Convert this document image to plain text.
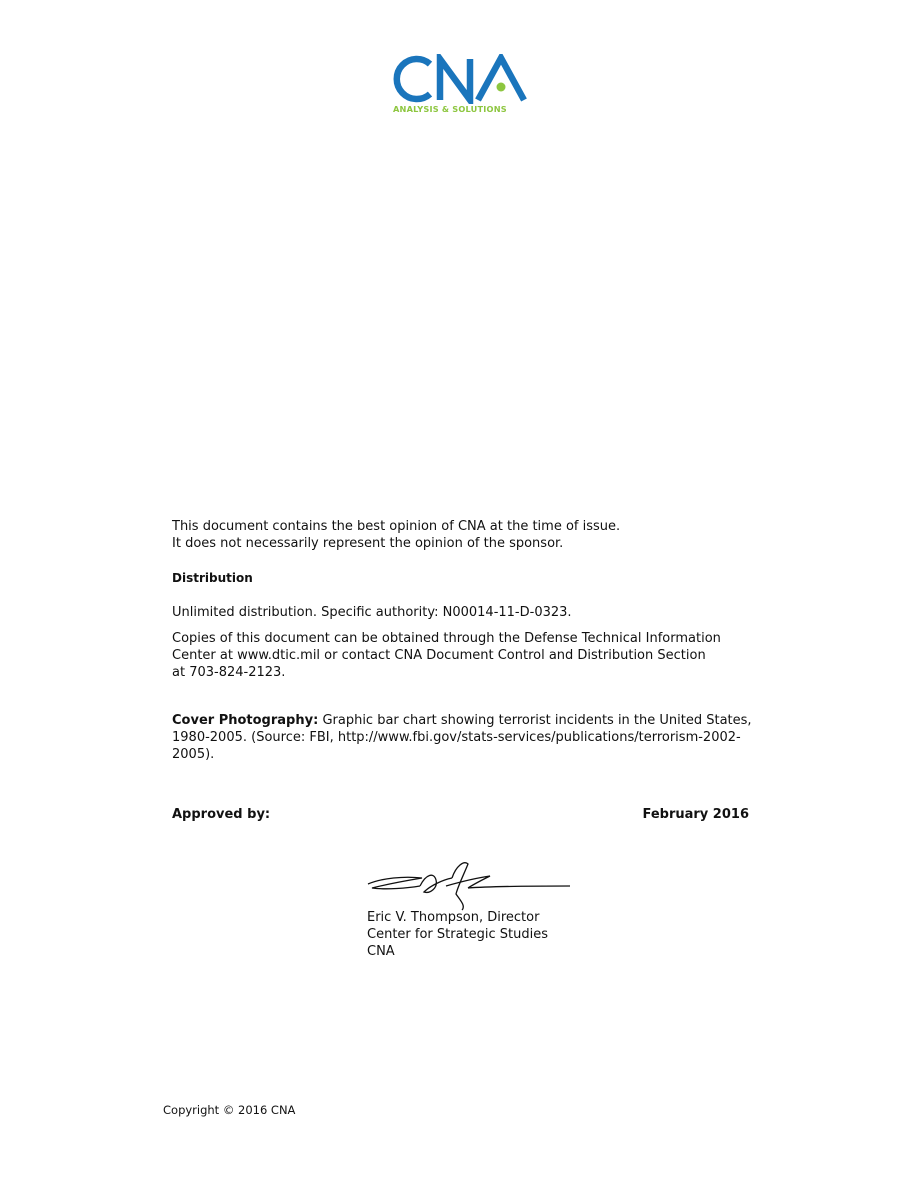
ANALYSIS & SOLUTIONS
This document contains the best opinion of CNA at the time of issue.
It does not necessarily represent the opinion of the sponsor.
Distribution
Unlimited distribution. Specific authority: N00014-11-D-0323.
Copies of this document can be obtained through the Defense Technical Information
Center at www.dtic.mil or contact CNA Document Control and Distribution Section
at 703-824-2123.
Cover Photography: Graphic bar chart showing terrorist incidents in the United States,
1980-2005. (Source: FBI, http://www.fbi.gov/stats-services/publications/terrorism-2002-
2005).
Approved by:	February 2016
Eric V. Thompson, Director
Center for Strategic Studies
CNA
Copyright © 2016 CNA
